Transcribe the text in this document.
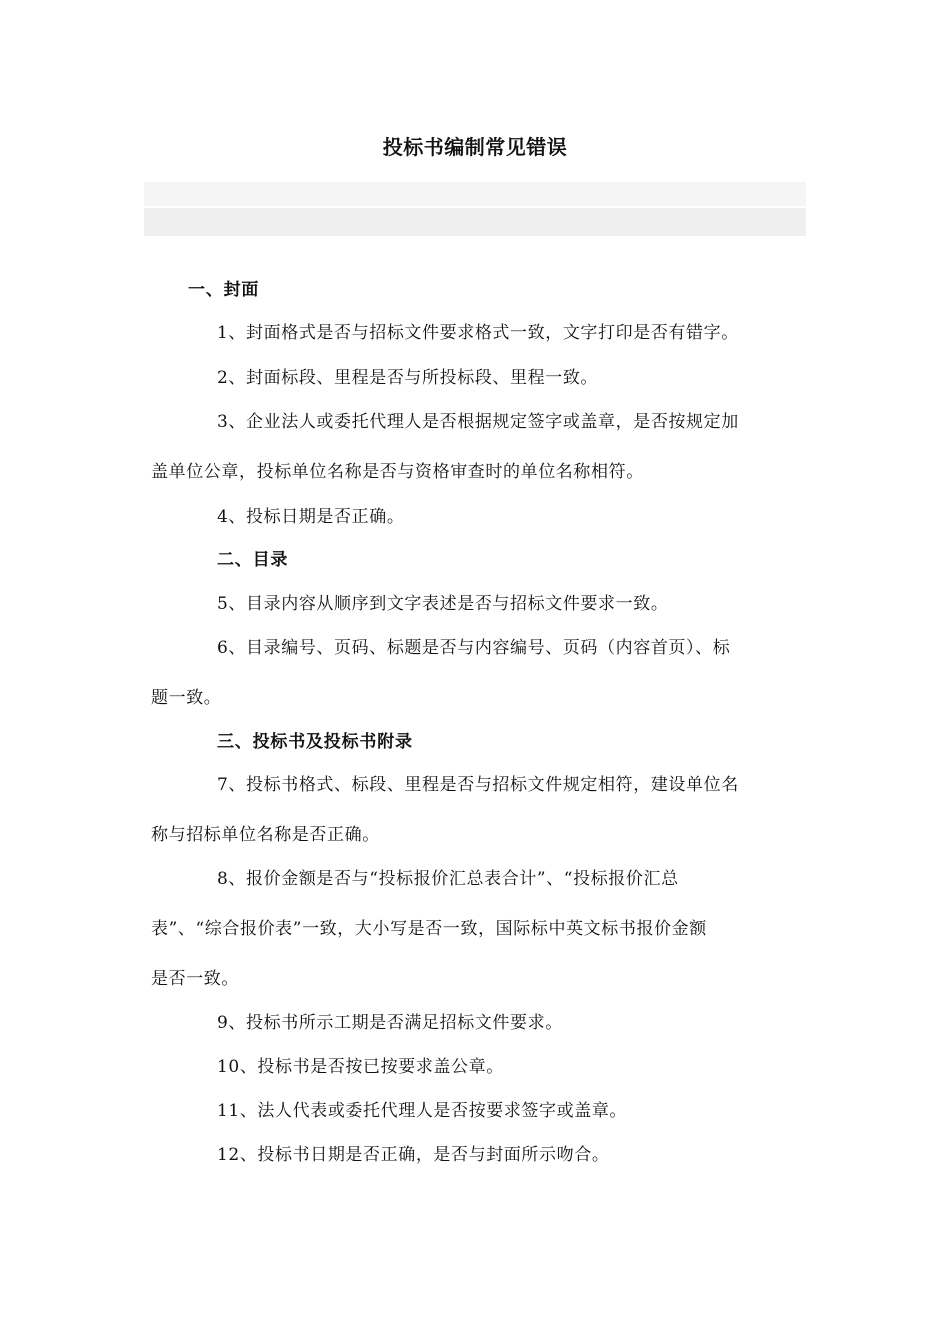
投标书编制常见错误
一、封面
1、封面格式是否与招标文件要求格式一致，文字打印是否有错字。
2、封面标段、里程是否与所投标段、里程一致。
3、企业法人或委托代理人是否根据规定签字或盖章，是否按规定加
盖单位公章，投标单位名称是否与资格审查时的单位名称相符。
4、投标日期是否正确。
二、目录
5、目录内容从顺序到文字表述是否与招标文件要求一致。
6、目录编号、页码、标题是否与内容编号、页码（内容首页）、标
题一致。
三、投标书及投标书附录
7、投标书格式、标段、里程是否与招标文件规定相符，建设单位名
称与招标单位名称是否正确。
8、报价金额是否与“投标报价汇总表合计”、“投标报价汇总
表”、“综合报价表”一致，大小写是否一致，国际标中英文标书报价金额
是否一致。
9、投标书所示工期是否满足招标文件要求。
10、投标书是否按已按要求盖公章。
11、法人代表或委托代理人是否按要求签字或盖章。
12、投标书日期是否正确，是否与封面所示吻合。
